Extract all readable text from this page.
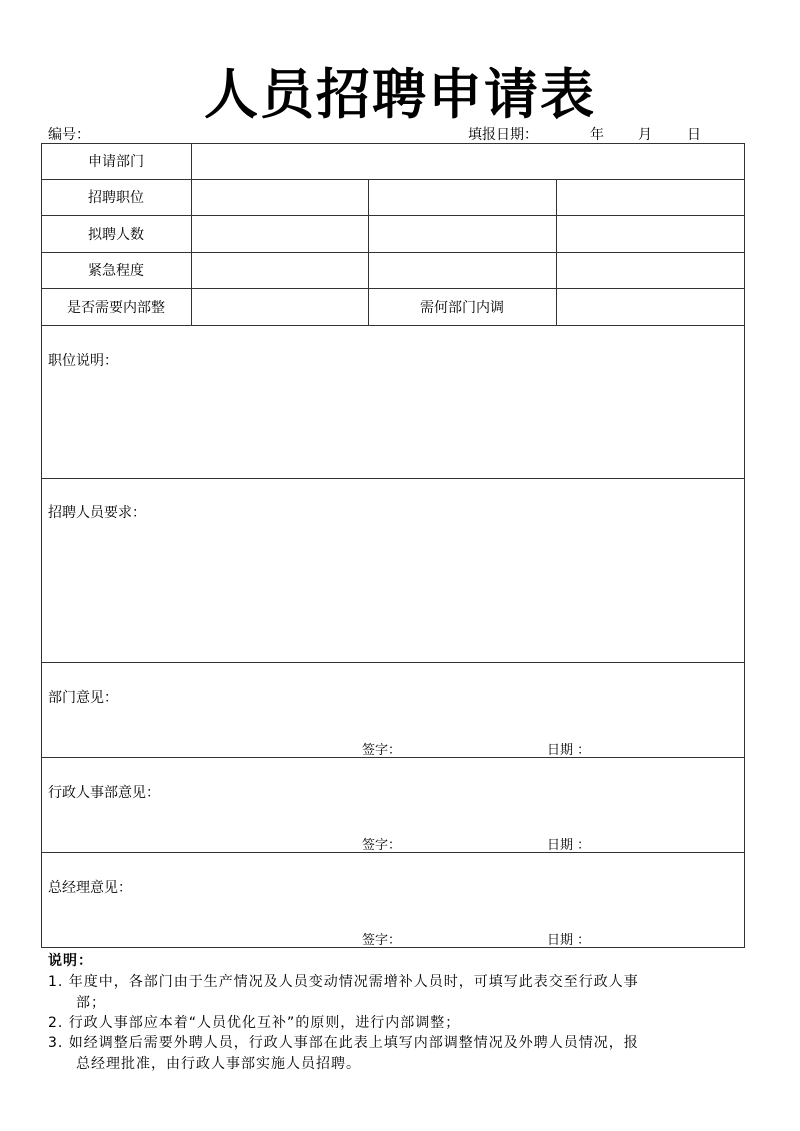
人员招聘申请表
编号：	填报日期：	年 月	日
申请部门
招聘职位
拟聘人数
紧急程度
是否需要内部整	需何部门内调
职位说明：
招聘人员要求：
部门意见：
签字：	日期 ：
行政人事部意见：
签字：	日期 ：
总经理意见：
签字：	日期 ：
说明：
1. 年度中，各部门由于生产情况及人员变动情况需增补人员时，可填写此表交至行政人事
部；
2. 行政人事部应本着“人员优化互补”的原则，进行内部调整；
3. 如经调整后需要外聘人员，行政人事部在此表上填写内部调整情况及外聘人员情况，报
总经理批准，由行政人事部实施人员招聘。
